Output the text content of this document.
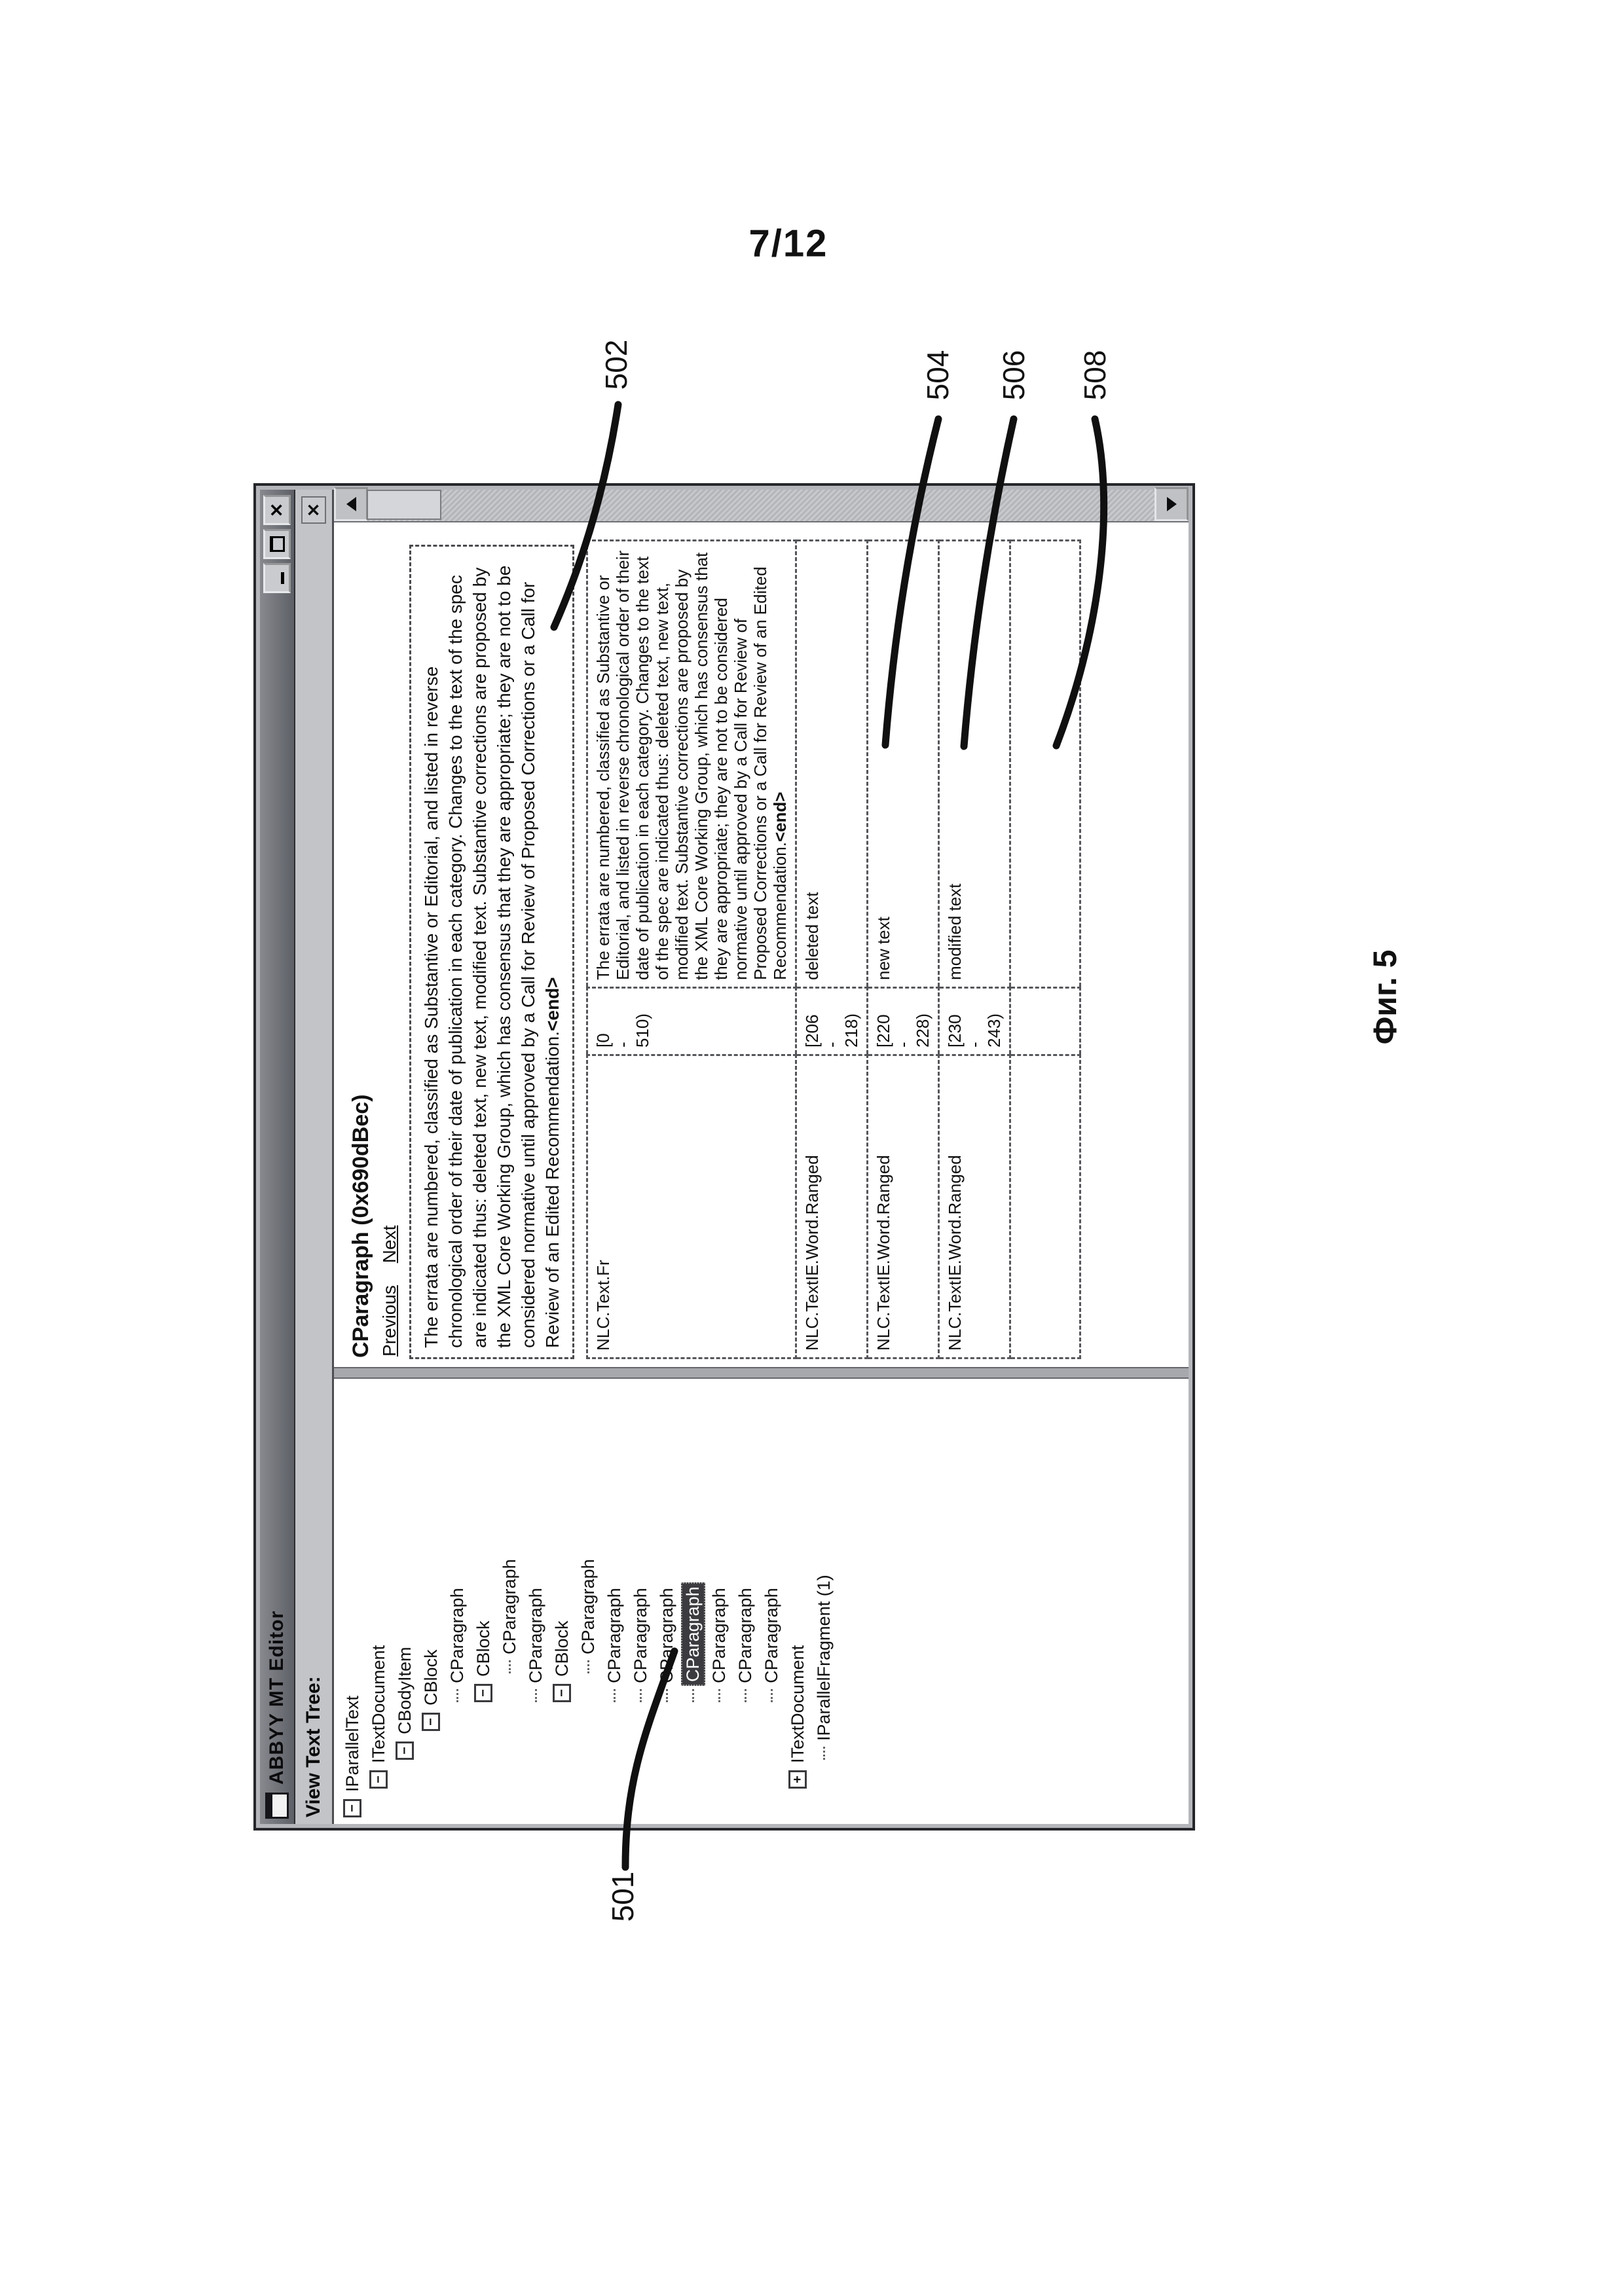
7/12
Фиг. 5
502	504 506 508
501
ABBYY MT Editor
✕
View Text Tree:
✕
−
IParallelText −
ITextDocument −
CBodyItem −
CBlock CParagraph
−
CBlock CParagraph CParagraph
−
CBlock CParagraph CParagraph CParagraph CParagraph CParagraph CParagraph CParagraph CParagraph
+
ITextDocument IParallelFragment (1)
CParagraph (0x690dBec) Previous Next	The errata are numbered, classified as Substantive or Editorial, and listed in reverse chronological order of their date of publication in each category. Changes to the text of the spec are indicated thus: deleted text, new text, modified text. Substantive corrections are proposed by the XML Core Working Group, which has consensus that they are appropriate; they are not to be considered normative until approved by a Call for Review of Proposed Corrections or a Call for Review of an Edited Recommendation.<end>
NLC.Text.Fr	[0 - 510)	The errata are numbered, classified as Substantive or Editorial, and listed in reverse chronological order of their date of publication in each category. Changes to the text of the spec are indicated thus: deleted text, new text, modified text. Substantive corrections are proposed by the XML Core Working Group, which has consensus that they are appropriate; they are not to be considered normative until approved by a Call for Review of Proposed Corrections or a Call for Review of an Edited Recommendation.<end>
NLC.TextIE.Word.Ranged	[206 - 218)	deleted text
NLC.TextIE.Word.Ranged	[220 - 228)	new text
NLC.TextIE.Word.Ranged	[230 - 243)	modified text
